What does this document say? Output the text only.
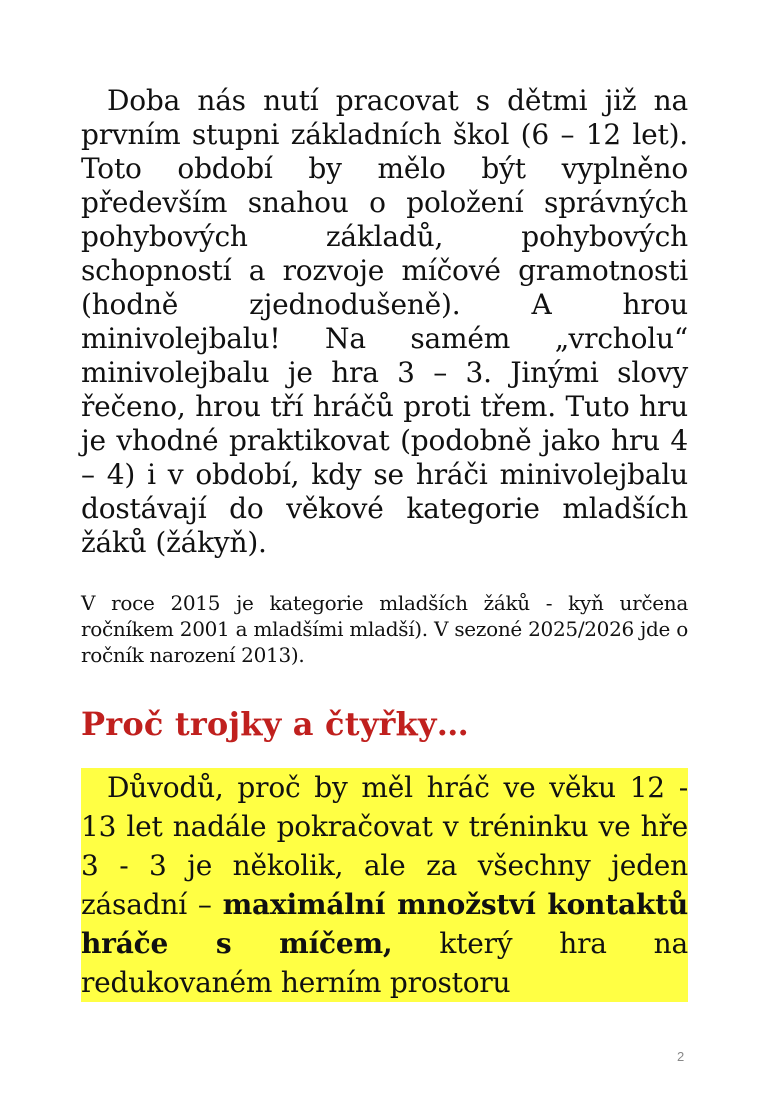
Doba nás nutí pracovat s dětmi již na prvním stupni základních škol (6 – 12 let). Toto období by mělo být vyplněno především snahou o položení správných pohybových základů, pohybových schopností a rozvoje míčové gramotnosti (hodně zjednodušeně). A hrou minivolejbalu! Na samém „vrcholu“ minivolejbalu je hra 3 – 3. Jinými slovy řečeno, hrou tří hráčů proti třem. Tuto hru je vhodné praktikovat (podobně jako hru 4 – 4) i v období, kdy se hráči minivolejbalu dostávají do věkové kategorie mladších žáků (žákyň).

V roce 2015 je kategorie mladších žáků - kyň určena ročníkem 2001 a mladšími mladší). V sezoné 2025/2026 jde o ročník narození 2013).

Proč trojky a čtyřky…
Důvodů, proč by měl hráč ve věku 12 - 13 let nadále pokračovat v tréninku ve hře 3 - 3 je několik, ale za všechny jeden zásadní – maximální množství kontaktů hráče s míčem, který hra na redukovaném herním prostoru
2
